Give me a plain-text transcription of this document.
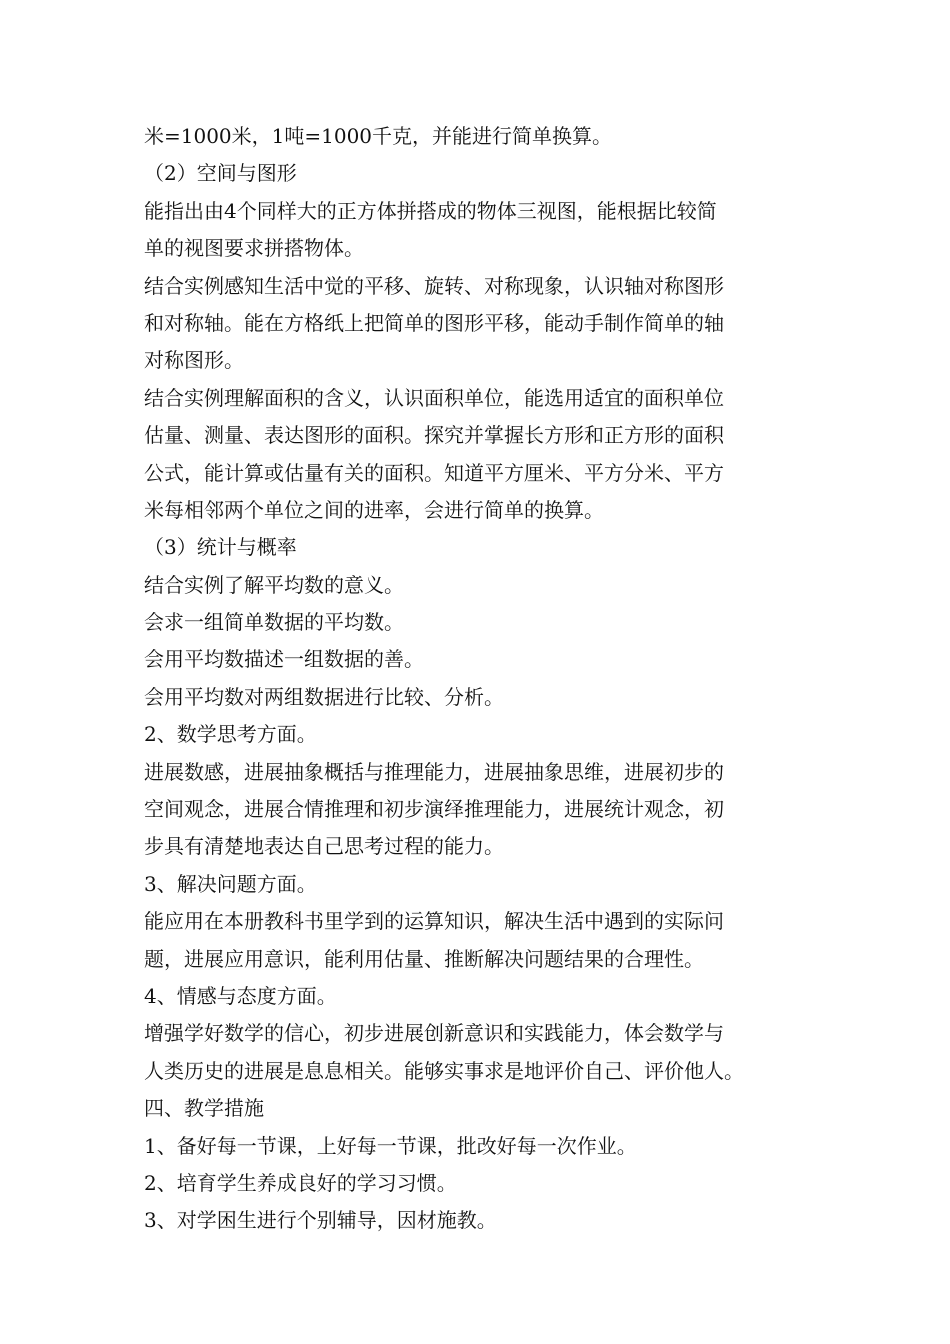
米=1000米，1吨=1000千克，并能进行简单换算。
（2）空间与图形
能指出由4个同样大的正方体拼搭成的物体三视图，能根据比较简
单的视图要求拼搭物体。
结合实例感知生活中觉的平移、旋转、对称现象，认识轴对称图形
和对称轴。能在方格纸上把简单的图形平移，能动手制作简单的轴
对称图形。
结合实例理解面积的含义，认识面积单位，能选用适宜的面积单位
估量、测量、表达图形的面积。探究并掌握长方形和正方形的面积
公式，能计算或估量有关的面积。知道平方厘米、平方分米、平方
米每相邻两个单位之间的进率，会进行简单的换算。
（3）统计与概率
结合实例了解平均数的意义。
会求一组简单数据的平均数。
会用平均数描述一组数据的善。
会用平均数对两组数据进行比较、分析。
2、数学思考方面。
进展数感，进展抽象概括与推理能力，进展抽象思维，进展初步的
空间观念，进展合情推理和初步演绎推理能力，进展统计观念，初
步具有清楚地表达自己思考过程的能力。
3、解决问题方面。
能应用在本册教科书里学到的运算知识，解决生活中遇到的实际问
题，进展应用意识，能利用估量、推断解决问题结果的合理性。
4、情感与态度方面。
增强学好数学的信心，初步进展创新意识和实践能力，体会数学与
人类历史的进展是息息相关。能够实事求是地评价自己、评价他人。
四、教学措施
1、备好每一节课，上好每一节课，批改好每一次作业。
2、培育学生养成良好的学习习惯。
3、对学困生进行个别辅导，因材施教。
